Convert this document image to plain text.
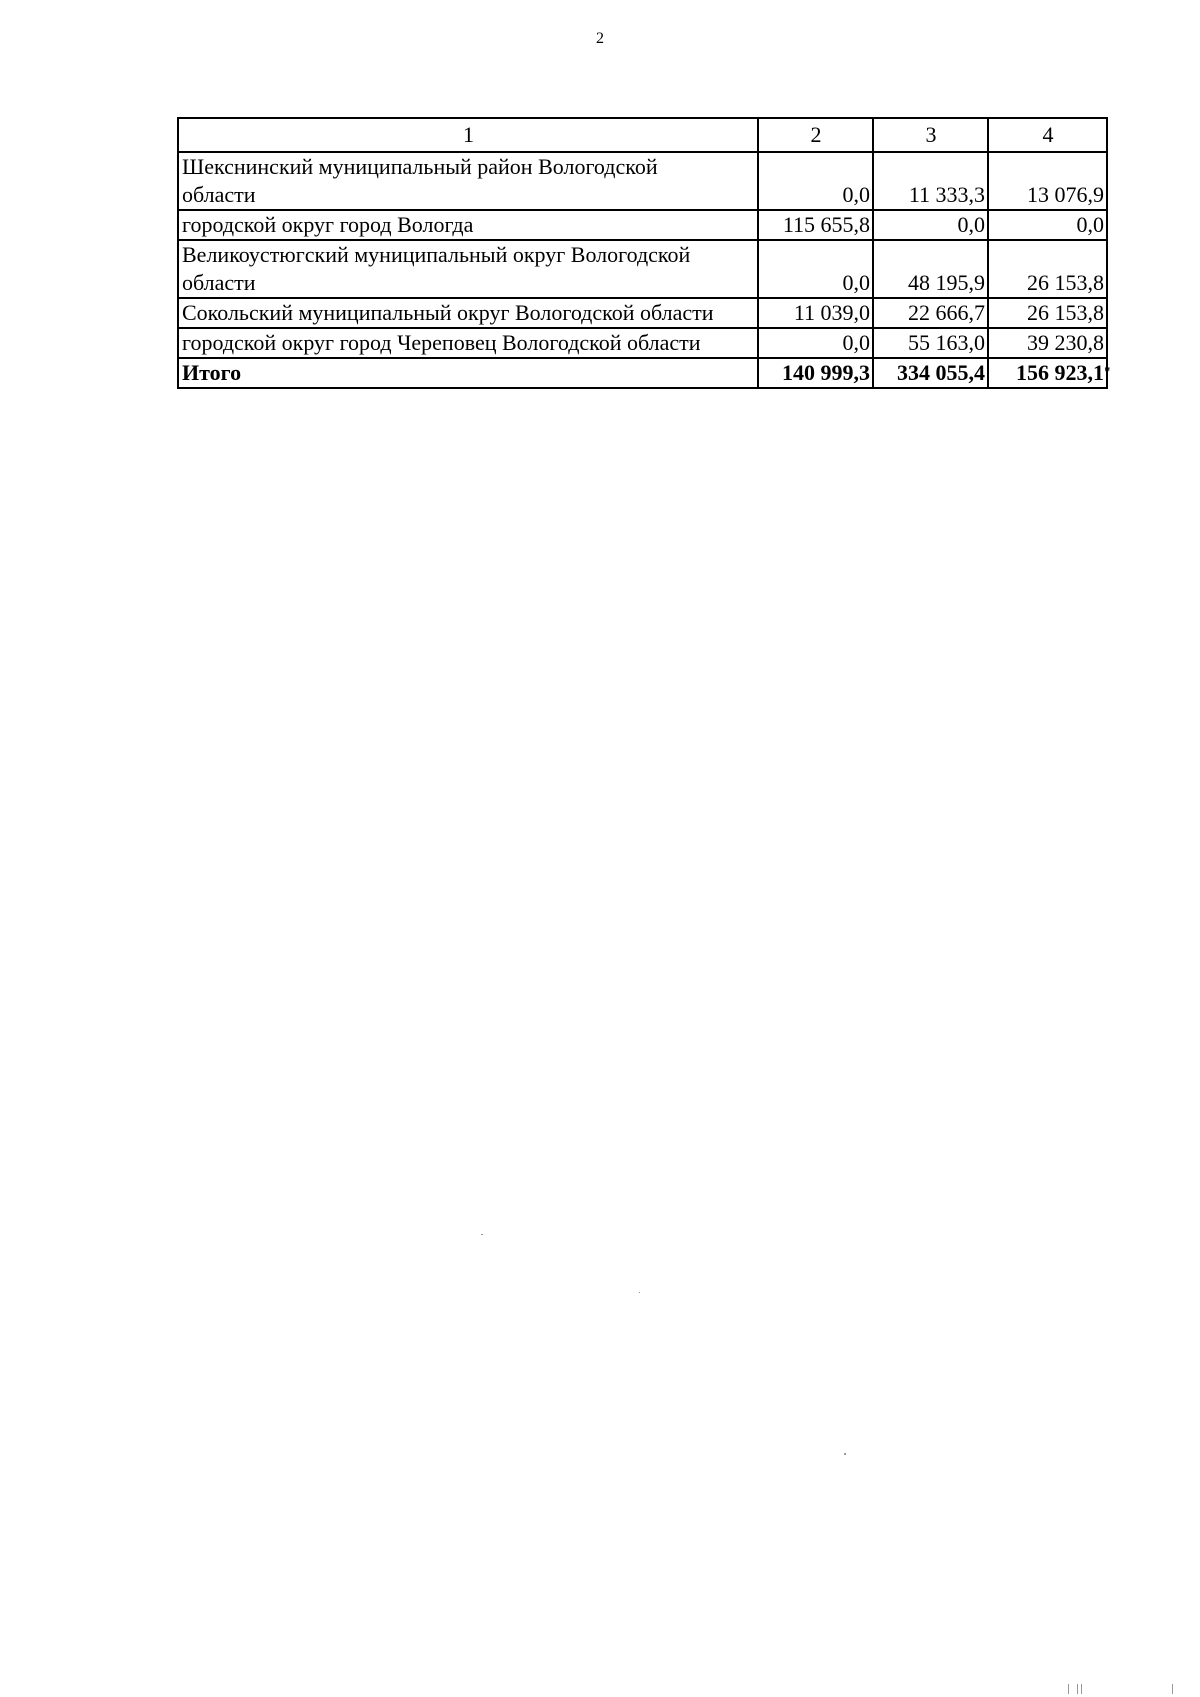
2
1	2	3	4

Шекснинский муниципальный район Вологодской
области	0,0	11 333,3	13 076,9
городской округ город Вологда	115 655,8	0,0	0,0

Великоустюгский муниципальный округ Вологодской
области	0,0	48 195,9	26 153,8
Сокольский муниципальный округ Вологодской области	11 039,0	22 666,7	26 153,8
городской округ город Череповец Вологодской области	0,0	55 163,0	39 230,8
Итого	140 999,3	334 055,4	156 923,1 "
